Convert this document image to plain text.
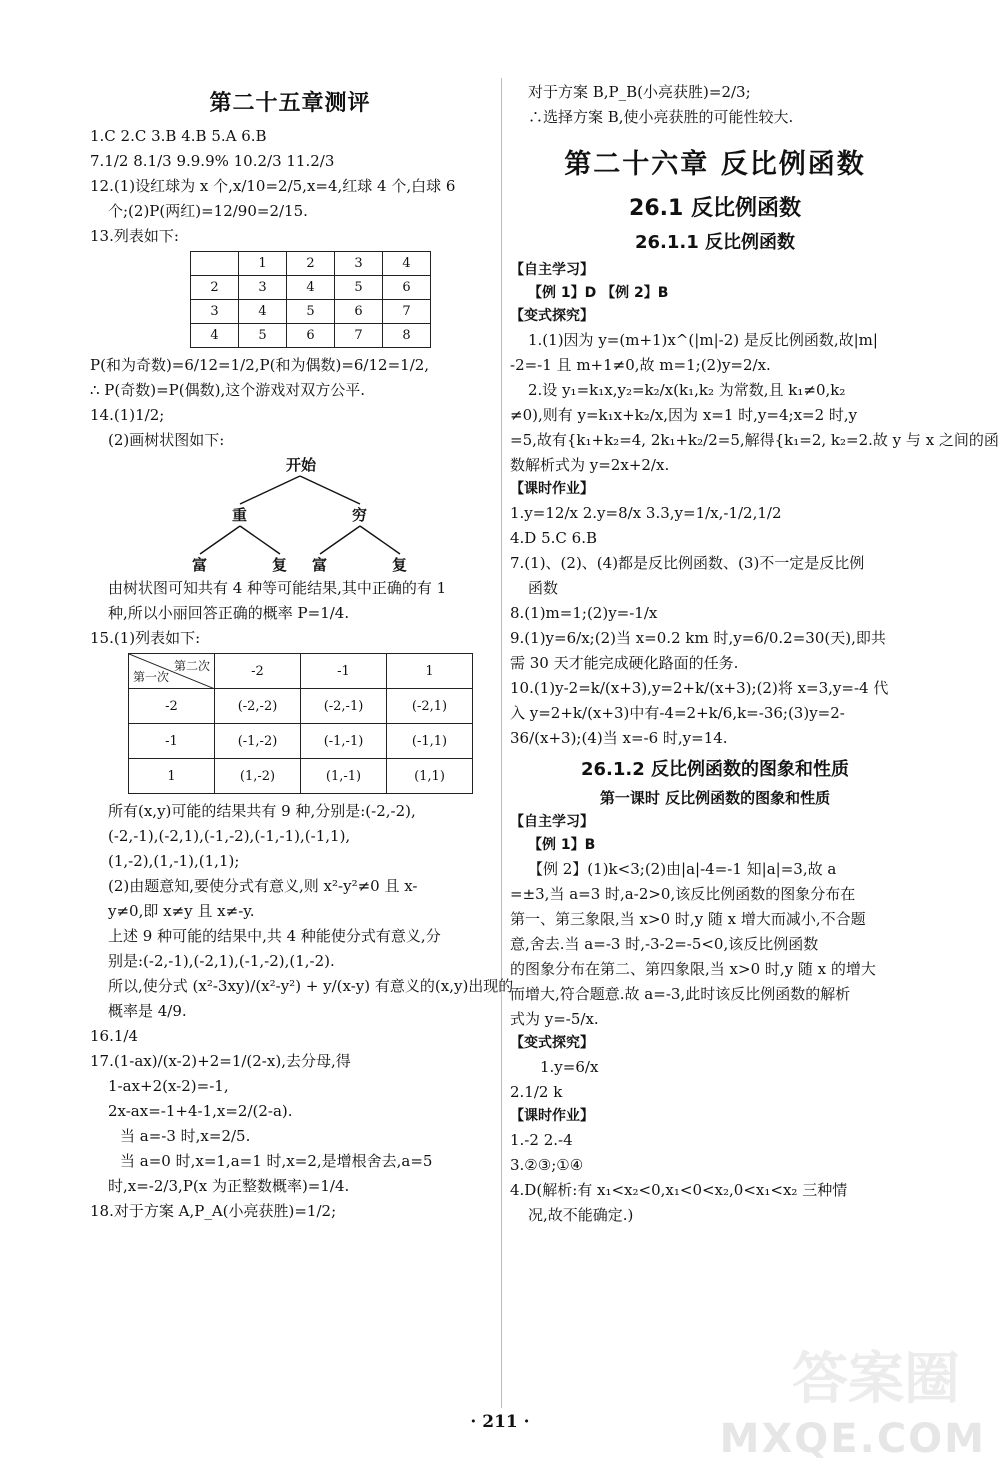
第二十五章测评
1.C 2.C 3.B 4.B 5.A 6.B
7.1/2 8.1/3 9.9.9% 10.2/3 11.2/3
12.(1)设红球为 x 个,x/10=2/5,x=4,红球 4 个,白球 6
个;(2)P(两红)=12/90=2/15.
13.列表如下:
	1	2	3	4
2	3	4	5	6
3	4	5	6	7
4	5	6	7	8
P(和为奇数)=6/12=1/2,P(和为偶数)=6/12=1/2,
∴ P(奇数)=P(偶数),这个游戏对双方公平.
14.(1)1/2;
(2)画树状图如下:
开始
重	穷
富	复 富	复
由树状图可知共有 4 种等可能结果,其中正确的有 1
种,所以小丽回答正确的概率 P=1/4.
15.(1)列表如下:
第二次
第一次	-2	-1	1
-2	(-2,-2)	(-2,-1)	(-2,1)
-1	(-1,-2)	(-1,-1)	(-1,1)
1	(1,-2)	(1,-1)	(1,1)
所有(x,y)可能的结果共有 9 种,分别是:(-2,-2),
(-2,-1),(-2,1),(-1,-2),(-1,-1),(-1,1),
(1,-2),(1,-1),(1,1);
(2)由题意知,要使分式有意义,则 x²-y²≠0 且 x-
y≠0,即 x≠y 且 x≠-y.
上述 9 种可能的结果中,共 4 种能使分式有意义,分
别是:(-2,-1),(-2,1),(-1,-2),(1,-2).
所以,使分式 (x²-3xy)/(x²-y²) + y/(x-y) 有意义的(x,y)出现的
概率是 4/9.
16.1/4
17.(1-ax)/(x-2)+2=1/(2-x),去分母,得
1-ax+2(x-2)=-1,
2x-ax=-1+4-1,x=2/(2-a).
当 a=-3 时,x=2/5.
当 a=0 时,x=1,a=1 时,x=2,是增根舍去,a=5
时,x=-2/3,P(x 为正整数概率)=1/4.
18.对于方案 A,P_A(小亮获胜)=1/2;
对于方案 B,P_B(小亮获胜)=2/3;
∴选择方案 B,使小亮获胜的可能性较大.
第二十六章 反比例函数
26.1 反比例函数
26.1.1 反比例函数
【自主学习】
【例 1】D 【例 2】B
【变式探究】
1.(1)因为 y=(m+1)x^(|m|-2) 是反比例函数,故|m|
-2=-1 且 m+1≠0,故 m=1;(2)y=2/x.
2.设 y₁=k₁x,y₂=k₂/x(k₁,k₂ 为常数,且 k₁≠0,k₂
≠0),则有 y=k₁x+k₂/x,因为 x=1 时,y=4;x=2 时,y
=5,故有{k₁+k₂=4, 2k₁+k₂/2=5,解得{k₁=2, k₂=2.故 y 与 x 之间的函
数解析式为 y=2x+2/x.
【课时作业】
1.y=12/x 2.y=8/x 3.3,y=1/x,-1/2,1/2
4.D 5.C 6.B
7.(1)、(2)、(4)都是反比例函数、(3)不一定是反比例
函数
8.(1)m=1;(2)y=-1/x
9.(1)y=6/x;(2)当 x=0.2 km 时,y=6/0.2=30(天),即共
需 30 天才能完成硬化路面的任务.
10.(1)y-2=k/(x+3),y=2+k/(x+3);(2)将 x=3,y=-4 代
入 y=2+k/(x+3)中有-4=2+k/6,k=-36;(3)y=2-
36/(x+3);(4)当 x=-6 时,y=14.
26.1.2 反比例函数的图象和性质
第一课时 反比例函数的图象和性质
【自主学习】
【例 1】B
【例 2】(1)k<3;(2)由|a|-4=-1 知|a|=3,故 a
=±3,当 a=3 时,a-2>0,该反比例函数的图象分布在
第一、第三象限,当 x>0 时,y 随 x 增大而减小,不合题
意,舍去.当 a=-3 时,-3-2=-5<0,该反比例函数
的图象分布在第二、第四象限,当 x>0 时,y 随 x 的增大
而增大,符合题意.故 a=-3,此时该反比例函数的解析
式为 y=-5/x.
【变式探究】
1.y=6/x
2.1/2 k
【课时作业】
1.-2 2.-4
3.②③;①④
4.D(解析:有 x₁<x₂<0,x₁<0<x₂,0<x₁<x₂ 三种情
况,故不能确定.)
· 211 ·
答案圈
MXQE.COM
